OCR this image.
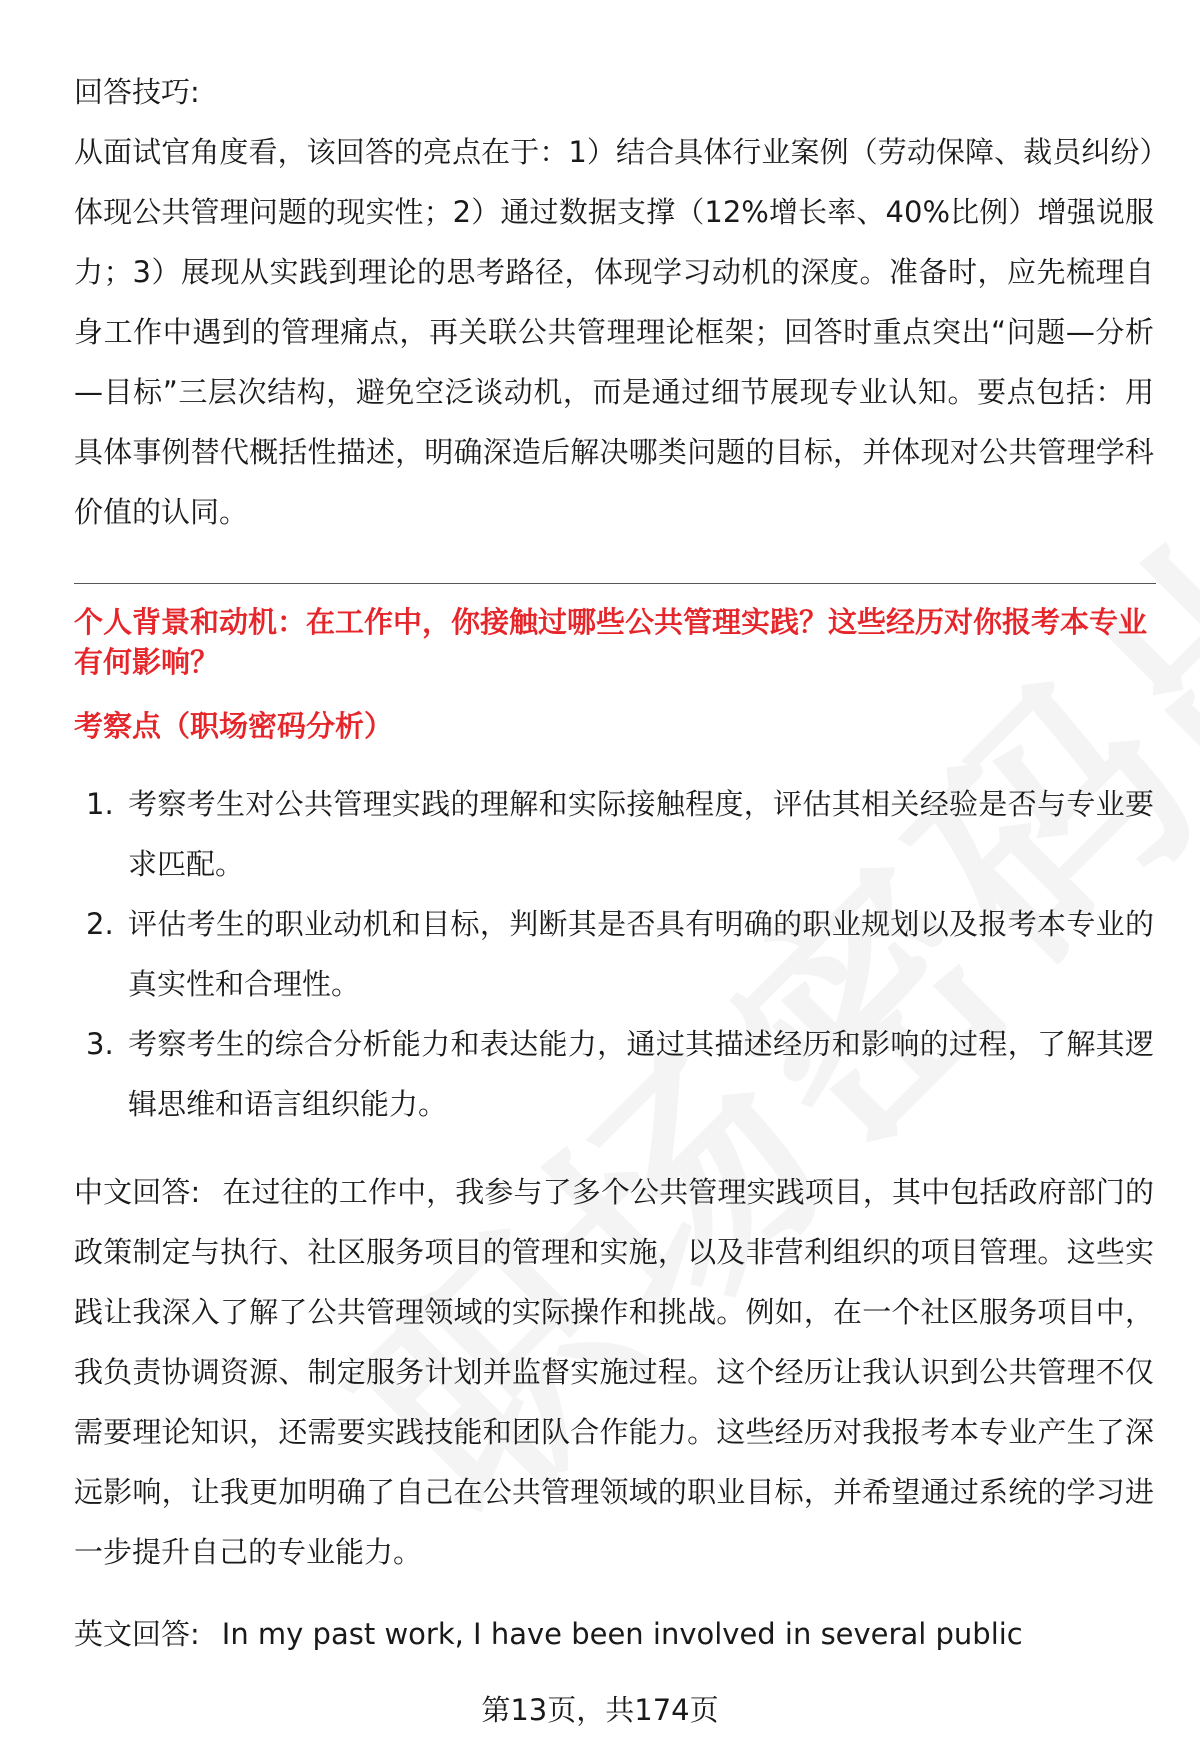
回答技巧:

从面试官角度看，该回答的亮点在于：1）结合具体行业案例（劳动保障、裁员纠纷）体现公共管理问题的现实性；2）通过数据支撑（12%增长率、40%比例）增强说服力；3）展现从实践到理论的思考路径，体现学习动机的深度。准备时，应先梳理自身工作中遇到的管理痛点，再关联公共管理理论框架；回答时重点突出“问题—分析—目标”三层次结构，避免空泛谈动机，而是通过细节展现专业认知。要点包括：用具体事例替代概括性描述，明确深造后解决哪类问题的目标，并体现对公共管理学科价值的认同。

个人背景和动机：在工作中，你接触过哪些公共管理实践？这些经历对你报考本专业有何影响？

考察点（职场密码分析）

1. 考察考生对公共管理实践的理解和实际接触程度，评估其相关经验是否与专业要求匹配。
2. 评估考生的职业动机和目标，判断其是否具有明确的职业规划以及报考本专业的真实性和合理性。
3. 考察考生的综合分析能力和表达能力，通过其描述经历和影响的过程，了解其逻辑思维和语言组织能力。

中文回答: 在过往的工作中，我参与了多个公共管理实践项目，其中包括政府部门的政策制定与执行、社区服务项目的管理和实施，以及非营利组织的项目管理。这些实践让我深入了解了公共管理领域的实际操作和挑战。例如，在一个社区服务项目中，我负责协调资源、制定服务计划并监督实施过程。这个经历让我认识到公共管理不仅需要理论知识，还需要实践技能和团队合作能力。这些经历对我报考本专业产生了深远影响，让我更加明确了自己在公共管理领域的职业目标，并希望通过系统的学习进一步提升自己的专业能力。

英文回答: In my past work, I have been involved in several public

第13页，共174页
